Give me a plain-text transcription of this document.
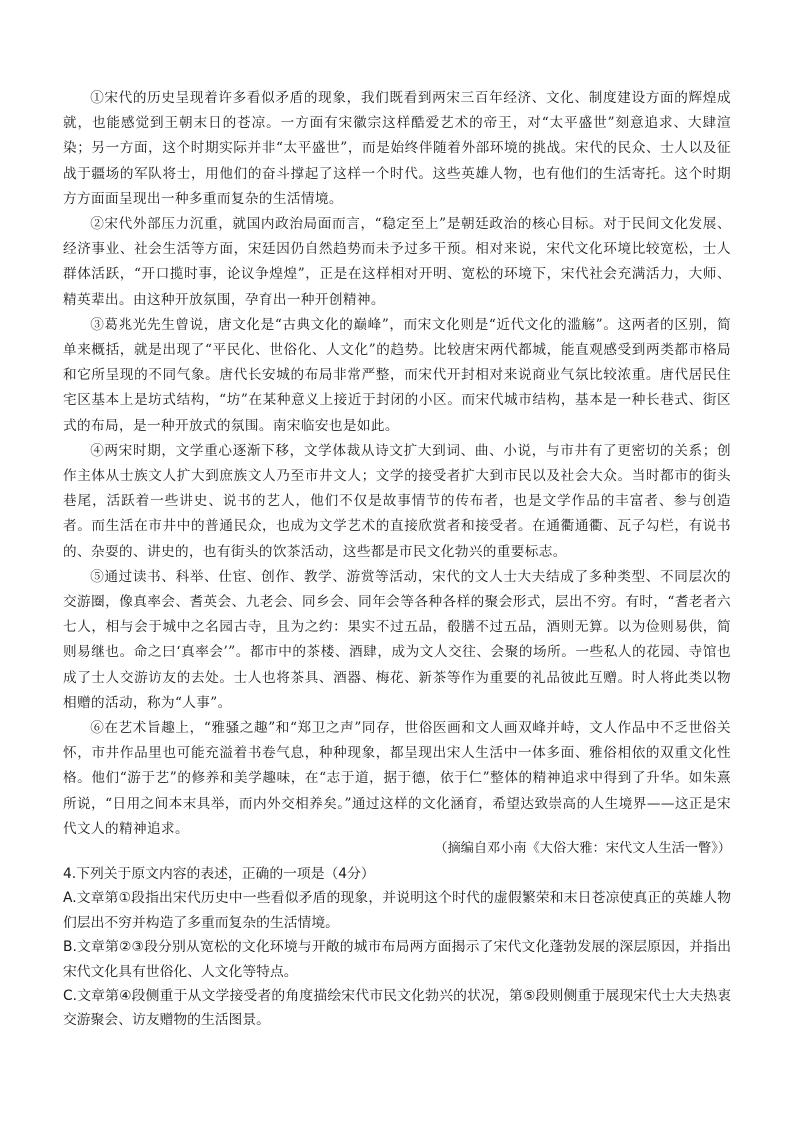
①宋代的历史呈现着许多看似矛盾的现象，我们既看到两宋三百年经济、文化、制度建设方面的辉煌成就，也能感觉到王朝末日的苍凉。一方面有宋徽宗这样酷爱艺术的帝王，对“太平盛世”刻意追求、大肆渲染；另一方面，这个时期实际并非“太平盛世”，而是始终伴随着外部环境的挑战。宋代的民众、士人以及征战于疆场的军队将士，用他们的奋斗撑起了这样一个时代。这些英雄人物，也有他们的生活寄托。这个时期方方面面呈现出一种多重而复杂的生活情境。

②宋代外部压力沉重，就国内政治局面而言，“稳定至上”是朝廷政治的核心目标。对于民间文化发展、经济事业、社会生活等方面，宋廷因仍自然趋势而未予过多干预。相对来说，宋代文化环境比较宽松，士人群体活跃，“开口揽时事，论议争煌煌”，正是在这样相对开明、宽松的环境下，宋代社会充满活力，大师、精英辈出。由这种开放氛围，孕育出一种开创精神。

③葛兆光先生曾说，唐文化是“古典文化的巅峰”，而宋文化则是“近代文化的滥觞”。这两者的区别，简单来概括，就是出现了“平民化、世俗化、人文化”的趋势。比较唐宋两代都城，能直观感受到两类都市格局和它所呈现的不同气象。唐代长安城的布局非常严整，而宋代开封相对来说商业气氛比较浓重。唐代居民住宅区基本上是坊式结构，“坊”在某种意义上接近于封闭的小区。而宋代城市结构，基本是一种长巷式、街区式的布局，是一种开放式的氛围。南宋临安也是如此。

④两宋时期，文学重心逐渐下移，文学体裁从诗文扩大到词、曲、小说，与市井有了更密切的关系；创作主体从士族文人扩大到庶族文人乃至市井文人；文学的接受者扩大到市民以及社会大众。当时都市的街头巷尾，活跃着一些讲史、说书的艺人，他们不仅是故事情节的传布者，也是文学作品的丰富者、参与创造者。而生活在市井中的普通民众，也成为文学艺术的直接欣赏者和接受者。在通衢通衢、瓦子勾栏，有说书的、杂耍的、讲史的，也有街头的饮茶活动，这些都是市民文化勃兴的重要标志。

⑤通过读书、科举、仕宦、创作、教学、游赏等活动，宋代的文人士大夫结成了多种类型、不同层次的交游圈，像真率会、耆英会、九老会、同乡会、同年会等各种各样的聚会形式，层出不穷。有时，“耆老者六七人，相与会于城中之名园古寺，且为之约：果实不过五品，殽膳不过五品，酒则无算。以为俭则易供，简则易继也。命之曰‘真率会’”。都市中的茶楼、酒肆，成为文人交往、会聚的场所。一些私人的花园、寺馆也成了士人交游访友的去处。士人也将茶具、酒器、梅花、新茶等作为重要的礼品彼此互赠。时人将此类以物相赠的活动，称为“人事”。

⑥在艺术旨趣上，“雅骚之趣”和“郑卫之声”同存，世俗医画和文人画双峰并峙，文人作品中不乏世俗关怀，市井作品里也可能充溢着书卷气息，种种现象，都呈现出宋人生活中一体多面、雅俗相依的双重文化性格。他们“游于艺”的修养和美学趣味，在“志于道，据于德，依于仁”整体的精神追求中得到了升华。如朱熹所说，“日用之间本末具举，而内外交相养矣。”通过这样的文化涵育，希望达致崇高的人生境界——这正是宋代文人的精神追求。

（摘编自邓小南《大俗大雅：宋代文人生活一瞥》）

4.下列关于原文内容的表述，正确的一项是（4分）

A.文章第①段指出宋代历史中一些看似矛盾的现象，并说明这个时代的虚假繁荣和末日苍凉使真正的英雄人物们层出不穷并构造了多重而复杂的生活情境。

B.文章第②③段分别从宽松的文化环境与开敞的城市布局两方面揭示了宋代文化蓬勃发展的深层原因，并指出宋代文化具有世俗化、人文化等特点。

C.文章第④段侧重于从文学接受者的角度描绘宋代市民文化勃兴的状况，第⑤段则侧重于展现宋代士大夫热衷交游聚会、访友赠物的生活图景。
